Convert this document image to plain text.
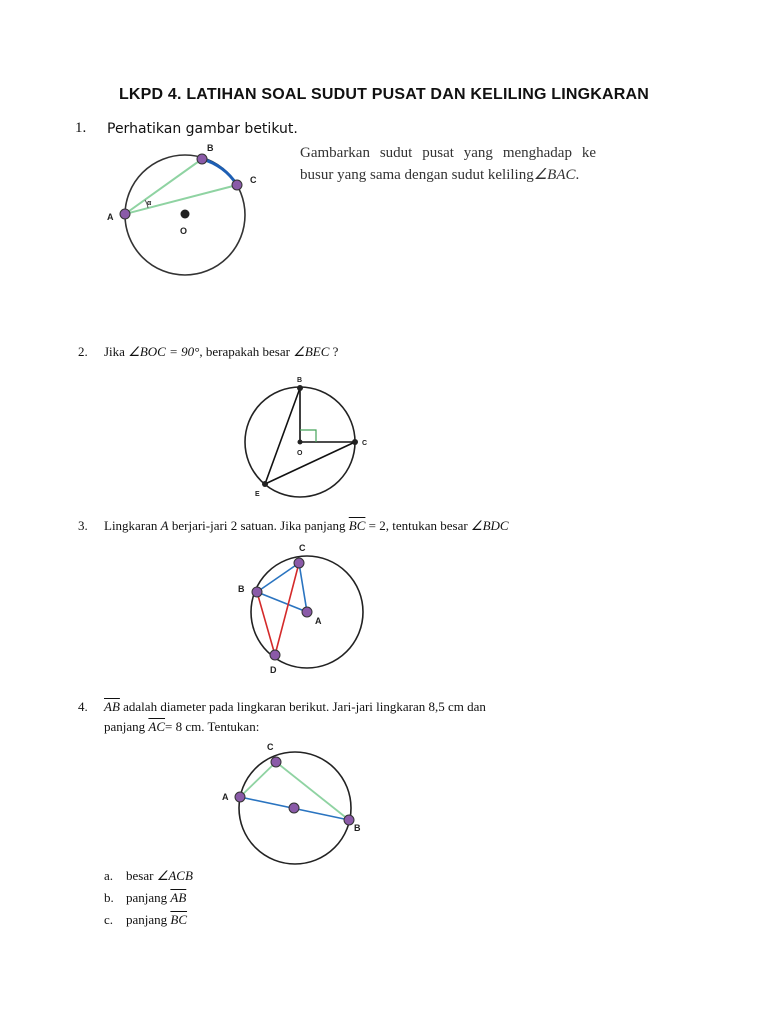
LKPD 4. LATIHAN SOAL SUDUT PUSAT DAN KELILING LINGKARAN
1. Perhatikan gambar betikut.
Gambarkan sudut pusat yang menghadap ke busur yang sama dengan sudut keliling∠BAC.
A
B
C
O
α
2. Jika ∠BOC = 90°, berapakah besar ∠BEC ?
B
C
O
E
3. Lingkaran A berjari-jari 2 satuan. Jika panjang $\overline{BC} = 2$, tentukan besar ∠BDC
C
B
A
D
4. $\overline{AB}$ adalah diameter pada lingkaran berikut. Jari-jari lingkaran 8,5 cm dan
panjang $\overline{AC}= 8$ cm. Tentukan:
C
A
B
a. besar ∠ACB
b. panjang $\overline{AB}$
c. panjang $\overline{BC}$
